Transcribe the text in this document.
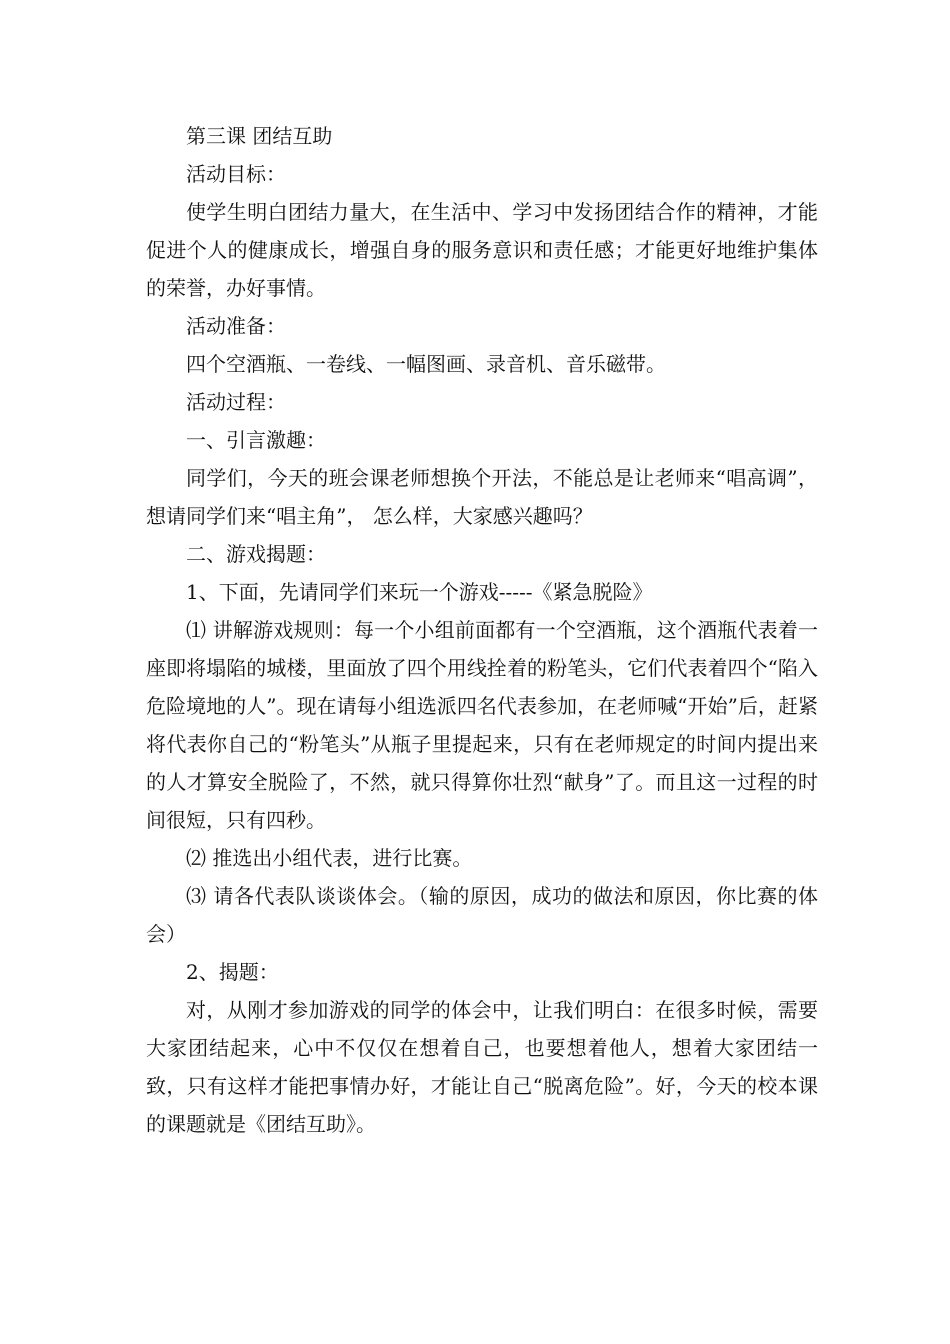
第三课 团结互助

活动目标：

使学生明白团结力量大，在生活中、学习中发扬团结合作的精神，才能促进个人的健康成长，增强自身的服务意识和责任感；才能更好地维护集体的荣誉，办好事情。

活动准备：

四个空酒瓶、一卷线、一幅图画、录音机、音乐磁带。

活动过程：

一、引言激趣：

同学们，今天的班会课老师想换个开法，不能总是让老师来“唱高调”，想请同学们来“唱主角”， 怎么样，大家感兴趣吗？

二、游戏揭题：

1、下面，先请同学们来玩一个游戏-----《紧急脱险》

⑴ 讲解游戏规则：每一个小组前面都有一个空酒瓶，这个酒瓶代表着一座即将塌陷的城楼，里面放了四个用线拴着的粉笔头，它们代表着四个“陷入危险境地的人”。现在请每小组选派四名代表参加，在老师喊“开始”后，赶紧将代表你自己的“粉笔头”从瓶子里提起来，只有在老师规定的时间内提出来的人才算安全脱险了，不然，就只得算你壮烈“献身”了。而且这一过程的时间很短，只有四秒。

⑵ 推选出小组代表，进行比赛。

⑶ 请各代表队谈谈体会。（输的原因，成功的做法和原因，你比赛的体会）

2、揭题：

对，从刚才参加游戏的同学的体会中，让我们明白：在很多时候，需要大家团结起来，心中不仅仅在想着自己，也要想着他人，想着大家团结一致，只有这样才能把事情办好，才能让自己“脱离危险”。好，今天的校本课的课题就是《团结互助》。
